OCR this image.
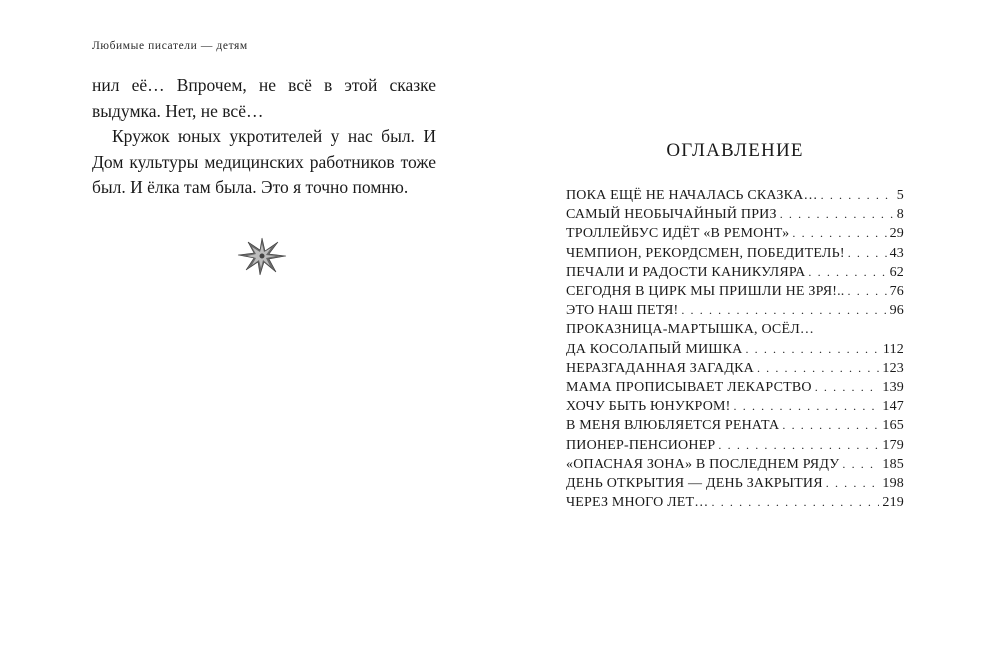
Любимые писатели — детям

нил её… Впрочем, не всё в этой сказке выдумка. Нет, не всё…

Кружок юных укротителей у нас был. И Дом культуры медицинских работников тоже был. И ёлка там была. Это я точно помню.

ОГЛАВЛЕНИЕ
ПОКА ЕЩЁ НЕ НАЧАЛАСЬ СКАЗКА… . . .	5
САМЫЙ НЕОБЫЧАЙНЫЙ ПРИЗ . . .	8
ТРОЛЛЕЙБУС ИДЁТ «В РЕМОНТ» . . .	29
ЧЕМПИОН, РЕКОРДСМЕН, ПОБЕДИТЕЛЬ! . . .	43
ПЕЧАЛИ И РАДОСТИ КАНИКУЛЯРА . . .	62
СЕГОДНЯ В ЦИРК МЫ ПРИШЛИ НЕ ЗРЯ!.. . . .	76
ЭТО НАШ ПЕТЯ! . . .	96
ПРОКАЗНИЦА-МАРТЫШКА, ОСЁЛ…
ДА КОСОЛАПЫЙ МИШКА . . .	112
НЕРАЗГАДАННАЯ ЗАГАДКА . . .	123
МАМА ПРОПИСЫВАЕТ ЛЕКАРСТВО . . .	139
ХОЧУ БЫТЬ ЮНУКРОМ! . . .	147
В МЕНЯ ВЛЮБЛЯЕТСЯ РЕНАТА . . .	165
ПИОНЕР-ПЕНСИОНЕР . . .	179
«ОПАСНАЯ ЗОНА» В ПОСЛЕДНЕМ РЯДУ . . .	185
ДЕНЬ ОТКРЫТИЯ — ДЕНЬ ЗАКРЫТИЯ . . .	198
ЧЕРЕЗ МНОГО ЛЕТ… . . .	219
